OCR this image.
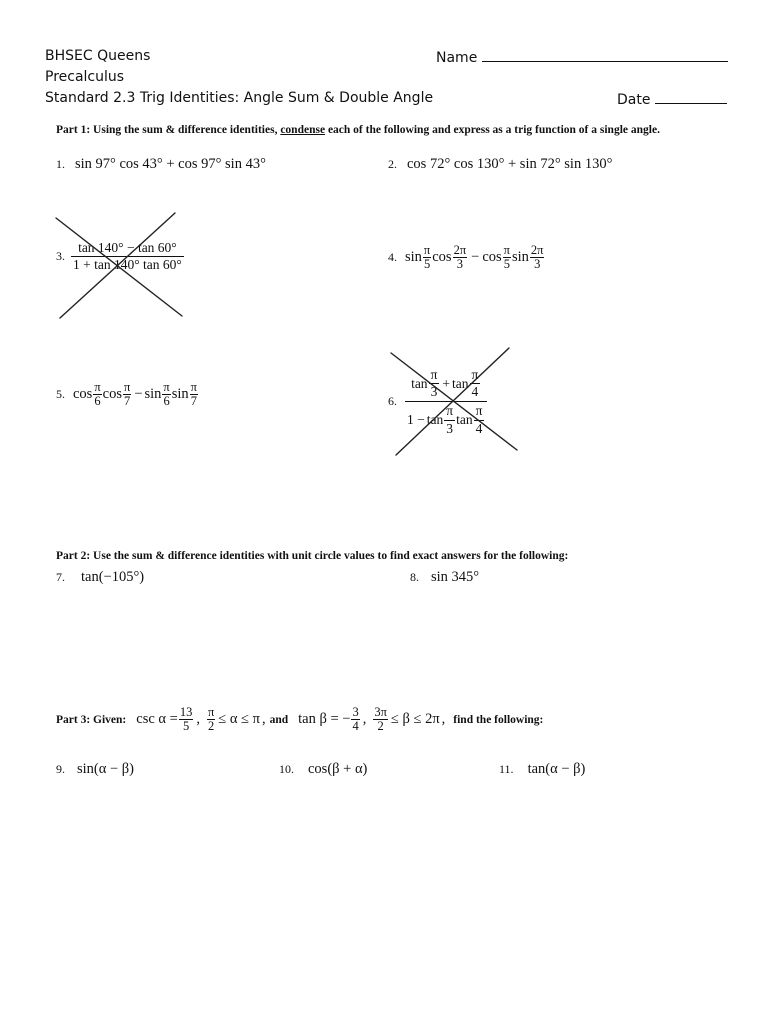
BHSEC Queens
Precalculus
Standard 2.3 Trig Identities: Angle Sum & Double Angle
Name
Date
Part 1: Using the sum & difference identities, condense each of the following and express as a trig function of a single angle.
1. sin 97° cos 43° + cos 97° sin 43°	2. cos 72° cos 130° + sin 72° sin 130°
3. $\frac{\tan 140^\circ - \tan 60^\circ}{1 + \tan 140^\circ \tan 60^\circ}$	4. $\sin \frac{\pi}{5}$ $\cos \frac{2\pi}{3} - \cos \frac{\pi}{5}$ $\sin \frac{2\pi}{3}$
5. $\cos \frac{\pi}{6}$ $\cos \frac{\pi}{7} - \sin \frac{\pi}{6}$ $\sin \frac{\pi}{7}$	6. $\frac{\tan \frac{\pi}{3} + \tan \frac{\pi}{4}}{1 - \tan \frac{\pi}{3} \tan \frac{\pi}{4}}$
Part 2: Use the sum & difference identities with unit circle values to find exact answers for the following:
7. tan(−105°)	8. sin 345°
Part 3: Given: $\csc \alpha = \frac{13}{5}$ , $\frac{\pi}{2} \le \alpha \le \pi$ , and tan β = − $\frac{3}{4}$ , $\frac{3\pi}{2} \le \beta \le 2\pi$ , find the following:
9. sin(α − β)	10. cos(β + α)	11. tan(α − β)
